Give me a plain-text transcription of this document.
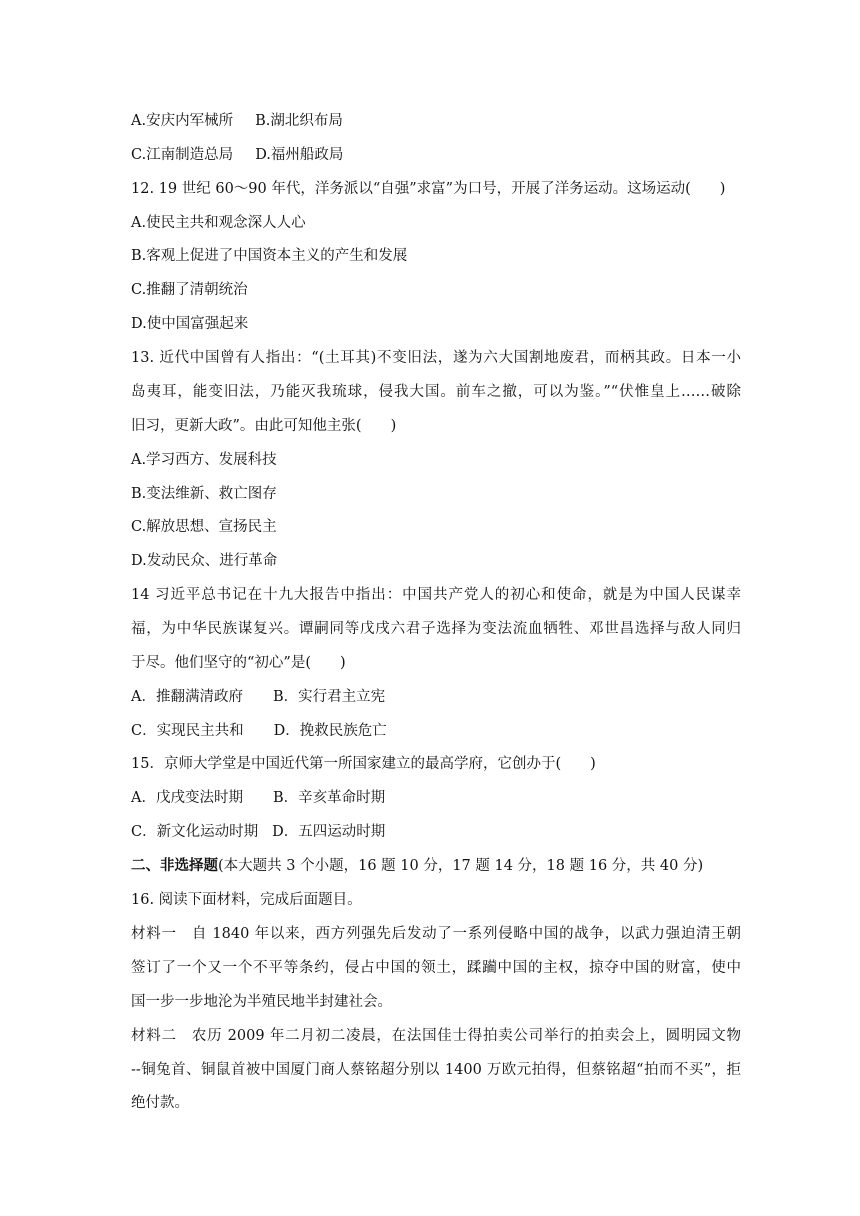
A.安庆内军械所 B.湖北织布局
C.江南制造总局 D.福州船政局
12. 19 世纪 60～90 年代，洋务派以“自强”求富”为口号，开展了洋务运动。这场运动(　　)
A.使民主共和观念深人人心
B.客观上促进了中国资本主义的产生和发展
C.推翻了清朝统治
D.使中国富强起来
13. 近代中国曾有人指出：“(土耳其)不变旧法，遂为六大国割地废君，而柄其政。日本一小
岛夷耳，能变旧法，乃能灭我琉球，侵我大国。前车之撤，可以为鉴。”“伏惟皇上……破除
旧习，更新大政”。由此可知他主张(　　)
A.学习西方、发展科技
B.变法维新、救亡图存
C.解放思想、宣扬民主
D.发动民众、进行革命
14 习近平总书记在十九大报告中指出：中国共产党人的初心和使命，就是为中国人民谋幸
福，为中华民族谋复兴。谭嗣同等戊戌六君子选择为变法流血牺牲、邓世昌选择与敌人同归
于尽。他们坚守的“初心”是(　　)
A．推翻满清政府 B．实行君主立宪
C．实现民主共和 D．挽救民族危亡
15．京师大学堂是中国近代第一所国家建立的最高学府，它创办于(　　)
A．戊戌变法时期 B．辛亥革命时期
C．新文化运动时期 D．五四运动时期
二、非选择题(本大题共 3 个小题，16 题 10 分，17 题 14 分，18 题 16 分，共 40 分)
16. 阅读下面材料，完成后面题目。
材料一　自 1840 年以来，西方列强先后发动了一系列侵略中国的战争，以武力强迫清王朝
签订了一个又一个不平等条约，侵占中国的领土，蹂躏中国的主权，掠夺中国的财富，使中
国一步一步地沦为半殖民地半封建社会。
材料二　农历 2009 年二月初二凌晨，在法国佳士得拍卖公司举行的拍卖会上，圆明园文物
--铜兔首、铜鼠首被中国厦门商人蔡铭超分别以 1400 万欧元拍得，但蔡铭超“拍而不买”，拒
绝付款。
